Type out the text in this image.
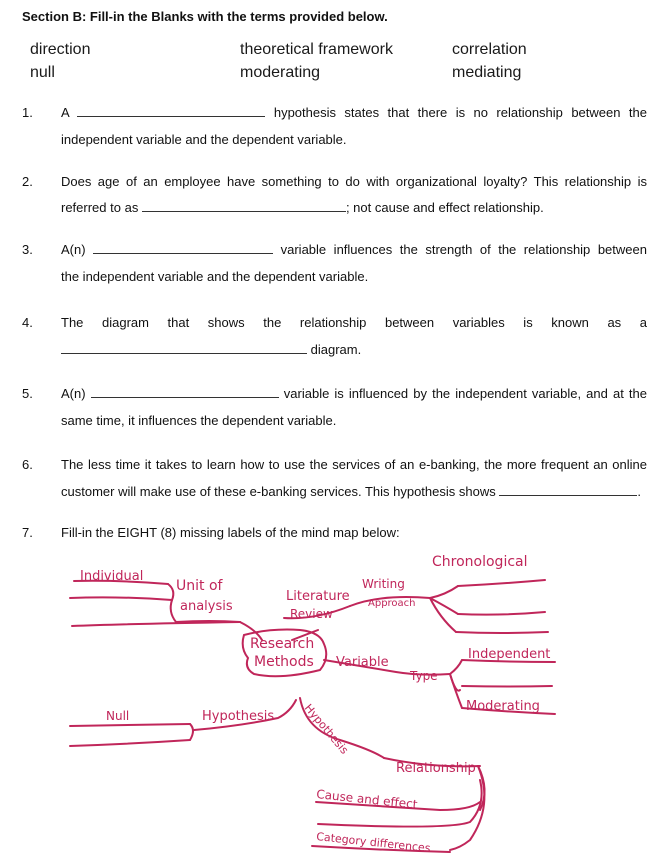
Section B: Fill-in the Blanks with the terms provided below.
direction	theoretical framework	correlation
null	moderating	mediating
1. A	hypothesis states that there is no relationship between the
independent variable and the dependent variable.
2. Does age of an employee have something to do with organizational loyalty? This relationship is
referred to as	; not cause and effect relationship.
3. A(n)	variable influences the strength of the relationship between
the independent variable and the dependent variable.
4. The diagram that shows the relationship between variables is known as a
diagram.
5. A(n)	variable is influenced by the independent variable, and at the
same time, it influences the dependent variable.
6. The less time it takes to learn how to use the services of an e-banking, the more frequent an online
customer will make use of these e-banking services. This hypothesis shows	.
7. Fill-in the EIGHT (8) missing labels of the mind map below:
Individual
Unit of
analysis
Literature
Review
Writing
Approach
Chronological
Research
Methods Variable
Type
Independent
Moderating
Null	Hypothesis	Hypothesis
Relationship
Cause and effect
Category differences
